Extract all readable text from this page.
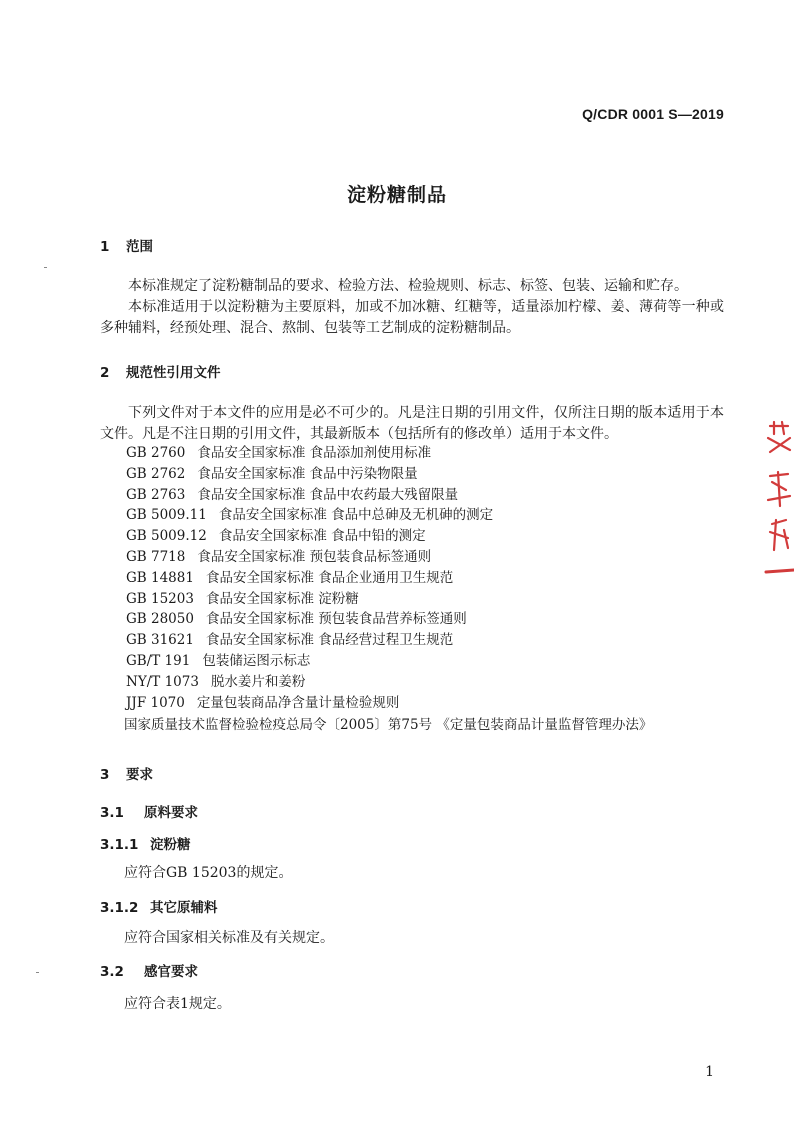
Q/CDR 0001 S—2019
淀粉糖制品
1 范围
本标准规定了淀粉糖制品的要求、检验方法、检验规则、标志、标签、包装、运输和贮存。
本标准适用于以淀粉糖为主要原料，加或不加冰糖、红糖等，适量添加柠檬、姜、薄荷等一种或多种辅料，经预处理、混合、熬制、包装等工艺制成的淀粉糖制品。
2 规范性引用文件
下列文件对于本文件的应用是必不可少的。凡是注日期的引用文件，仅所注日期的版本适用于本文件。凡是不注日期的引用文件，其最新版本（包括所有的修改单）适用于本文件。
GB 2760 食品安全国家标准 食品添加剂使用标准
GB 2762 食品安全国家标准 食品中污染物限量
GB 2763 食品安全国家标准 食品中农药最大残留限量
GB 5009.11 食品安全国家标准 食品中总砷及无机砷的测定
GB 5009.12 食品安全国家标准 食品中铅的测定
GB 7718 食品安全国家标准 预包装食品标签通则
GB 14881 食品安全国家标准 食品企业通用卫生规范
GB 15203 食品安全国家标准 淀粉糖
GB 28050 食品安全国家标准 预包装食品营养标签通则
GB 31621 食品安全国家标准 食品经营过程卫生规范
GB/T 191 包装储运图示标志
NY/T 1073 脱水姜片和姜粉
JJF 1070 定量包装商品净含量计量检验规则
国家质量技术监督检验检疫总局令〔2005〕第75号 《定量包装商品计量监督管理办法》
3 要求
3.1 原料要求
3.1.1 淀粉糖
应符合GB 15203的规定。
3.1.2 其它原辅料
应符合国家相关标准及有关规定。
3.2 感官要求
应符合表1规定。
1
